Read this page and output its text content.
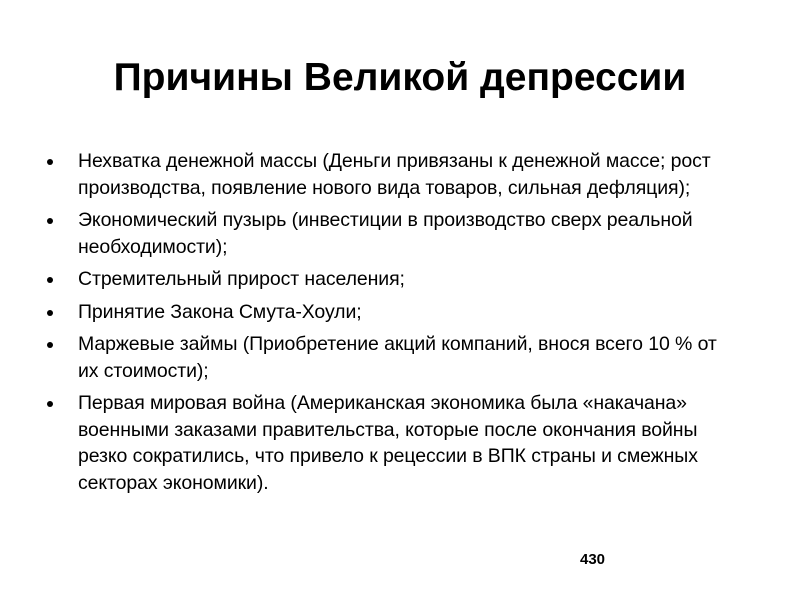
Причины Великой депрессии
Нехватка денежной массы (Деньги привязаны к денежной массе; рост производства, появление нового вида товаров, сильная дефляция);
Экономический пузырь (инвестиции в производство сверх реальной необходимости);
Стремительный прирост населения;
Принятие Закона Смута-Хоули;
Маржевые займы (Приобретение акций компаний, внося всего 10 % от их стоимости);
Первая мировая война (Американская экономика была «накачана» военными заказами правительства, которые после окончания войны резко сократились, что привело к рецессии в ВПК страны и смежных секторах экономики).
430
